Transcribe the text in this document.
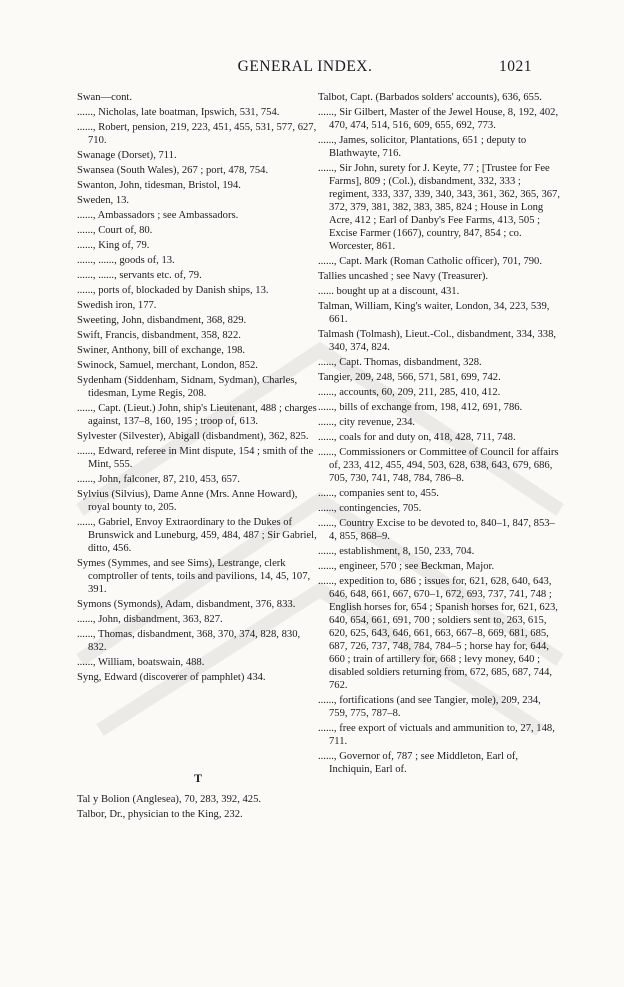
GENERAL INDEX.	1021
Swan—cont.
......, Nicholas, late boatman, Ipswich, 531, 754.
......, Robert, pension, 219, 223, 451, 455, 531, 577, 627, 710.
Swanage (Dorset), 711.
Swansea (South Wales), 267 ; port, 478, 754.
Swanton, John, tidesman, Bristol, 194.
Sweden, 13.
......, Ambassadors ; see Ambassadors.
......, Court of, 80.
......, King of, 79.
......, ......, goods of, 13.
......, ......, servants etc. of, 79.
......, ports of, blockaded by Danish ships, 13.
Swedish iron, 177.
Sweeting, John, disbandment, 368, 829.
Swift, Francis, disbandment, 358, 822.
Swiner, Anthony, bill of exchange, 198.
Swinock, Samuel, merchant, London, 852.
Sydenham (Siddenham, Sidnam, Sydman), Charles, tidesman, Lyme Regis, 208.
......, Capt. (Lieut.) John, ship's Lieutenant, 488 ; charges against, 137–8, 160, 195 ; troop of, 613.
Sylvester (Silvester), Abigall (disbandment), 362, 825.
......, Edward, referee in Mint dispute, 154 ; smith of the Mint, 555.
......, John, falconer, 87, 210, 453, 657.
Sylvius (Silvius), Dame Anne (Mrs. Anne Howard), royal bounty to, 205.
......, Gabriel, Envoy Extraordinary to the Dukes of Brunswick and Luneburg, 459, 484, 487 ; Sir Gabriel, ditto, 456.
Symes (Symmes, and see Sims), Lestrange, clerk comptroller of tents, toils and pavilions, 14, 45, 107, 391.
Symons (Symonds), Adam, disbandment, 376, 833.
......, John, disbandment, 363, 827.
......, Thomas, disbandment, 368, 370, 374, 828, 830, 832.
......, William, boatswain, 488.
Syng, Edward (discoverer of pamphlet) 434.
T
Tal y Bolion (Anglesea), 70, 283, 392, 425.
Talbor, Dr., physician to the King, 232.
Talbot, Capt. (Barbados solders' accounts), 636, 655.
......, Sir Gilbert, Master of the Jewel House, 8, 192, 402, 470, 474, 514, 516, 609, 655, 692, 773.
......, James, solicitor, Plantations, 651 ; deputy to Blathwayte, 716.
......, Sir John, surety for J. Keyte, 77 ; [Trustee for Fee Farms], 809 ; (Col.), disbandment, 332, 333 ; regiment, 333, 337, 339, 340, 343, 361, 362, 365, 367, 372, 379, 381, 382, 383, 385, 824 ; House in Long Acre, 412 ; Earl of Danby's Fee Farms, 413, 505 ; Excise Farmer (1667), country, 847, 854 ; co. Worcester, 861.
......, Capt. Mark (Roman Catholic officer), 701, 790.
Tallies uncashed ; see Navy (Treasurer).
...... bought up at a discount, 431.
Talman, William, King's waiter, London, 34, 223, 539, 661.
Talmash (Tolmash), Lieut.-Col., disbandment, 334, 338, 340, 374, 824.
......, Capt. Thomas, disbandment, 328.
Tangier, 209, 248, 566, 571, 581, 699, 742.
......, accounts, 60, 209, 211, 285, 410, 412.
......, bills of exchange from, 198, 412, 691, 786.
......, city revenue, 234.
......, coals for and duty on, 418, 428, 711, 748.
......, Commissioners or Committee of Council for affairs of, 233, 412, 455, 494, 503, 628, 638, 643, 679, 686, 705, 730, 741, 748, 784, 786–8.
......, companies sent to, 455.
......, contingencies, 705.
......, Country Excise to be devoted to, 840–1, 847, 853–4, 855, 868–9.
......, establishment, 8, 150, 233, 704.
......, engineer, 570 ; see Beckman, Major.
......, expedition to, 686 ; issues for, 621, 628, 640, 643, 646, 648, 661, 667, 670–1, 672, 693, 737, 741, 748 ; English horses for, 654 ; Spanish horses for, 621, 623, 640, 654, 661, 691, 700 ; soldiers sent to, 263, 615, 620, 625, 643, 646, 661, 663, 667–8, 669, 681, 685, 687, 726, 737, 748, 784, 784–5 ; horse hay for, 644, 660 ; train of artillery for, 668 ; levy money, 640 ; disabled soldiers returning from, 672, 685, 687, 744, 762.
......, fortifications (and see Tangier, mole), 209, 234, 759, 775, 787–8.
......, free export of victuals and ammunition to, 27, 148, 711.
......, Governor of, 787 ; see Middleton, Earl of, Inchiquin, Earl of.
